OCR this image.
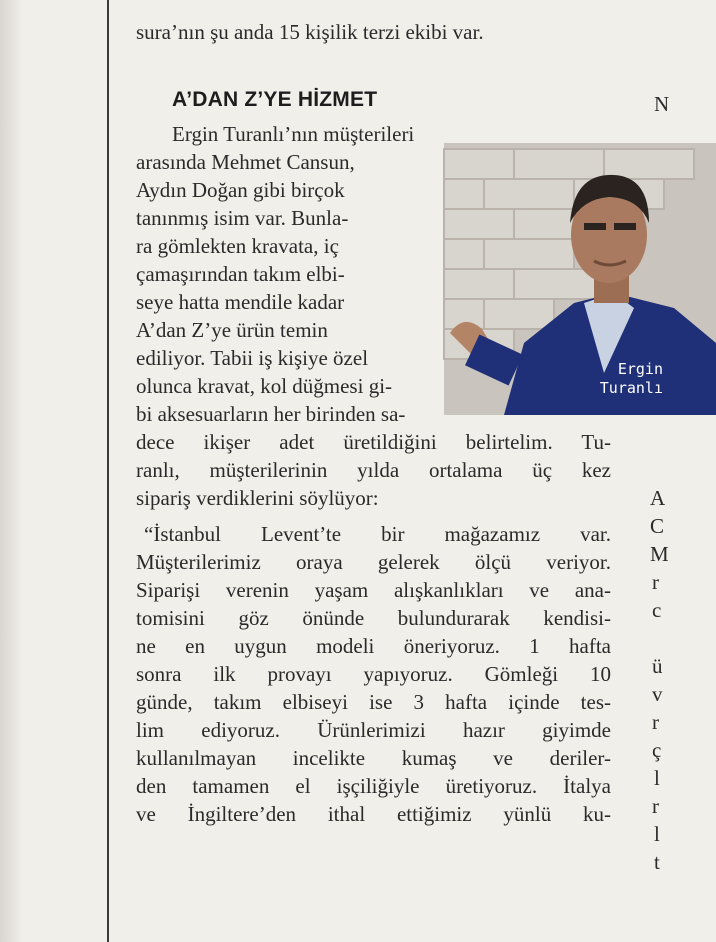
sura’nın şu anda 15 kişilik terzi ekibi var.
A’DAN Z’YE HİZMET
Ergin Turanlı’nın müşterileri
arasında Mehmet Cansun,
Aydın Doğan gibi birçok
tanınmış isim var. Bunla-
ra gömlekten kravata, iç
çamaşırından takım elbi-
seye hatta mendile kadar
A’dan Z’ye ürün temin
ediliyor. Tabii iş kişiye özel
olunca kravat, kol düğmesi gi-
bi aksesuarların her birinden sa-
dece ikişer adet üretildiğini belirtelim. Tu-
ranlı, müşterilerinin yılda ortalama üç kez
sipariş verdiklerini söylüyor:
“İstanbul Levent’te bir mağazamız var.
Müşterilerimiz oraya gelerek ölçü veriyor.
Siparişi verenin yaşam alışkanlıkları ve ana-
tomisini göz önünde bulundurarak kendisi-
ne en uygun modeli öneriyoruz. 1 hafta
sonra ilk provayı yapıyoruz. Gömleği 10
günde, takım elbiseyi ise 3 hafta içinde tes-
lim ediyoruz. Ürünlerimizi hazır giyimde
kullanılmayan incelikte kumaş ve deriler-
den tamamen el işçiliğiyle üretiyoruz. İtalya
ve İngiltere’den ithal ettiğimiz yünlü ku-
Ergin
Turanlı
N
A
C
M
r
c
ü
v
r
ç
l
r
l
t
